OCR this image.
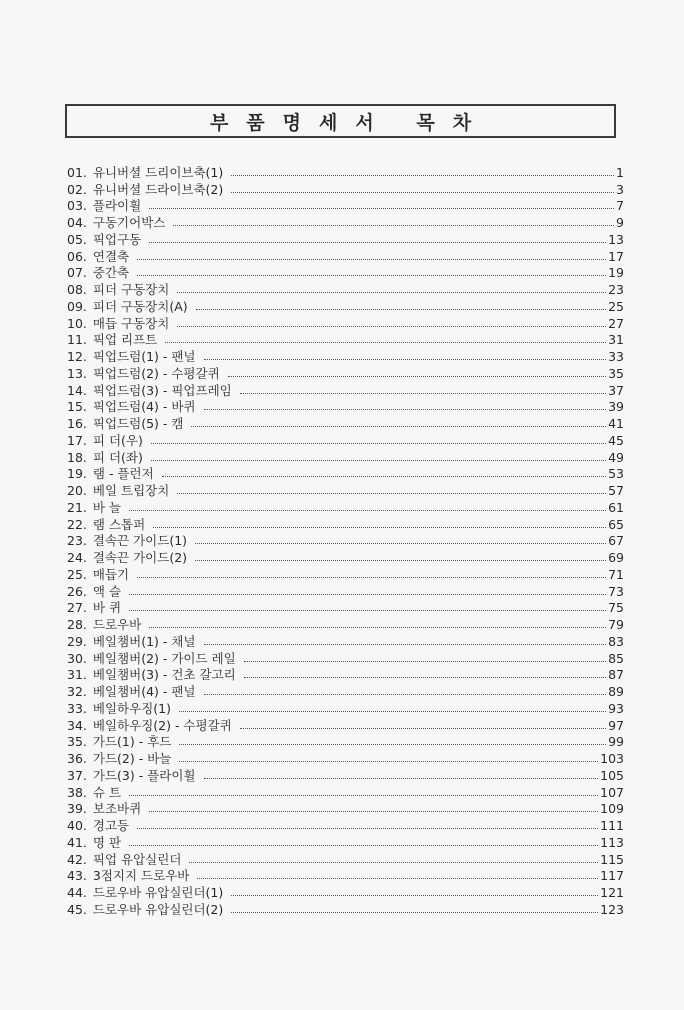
부품명세서 목차
01. 유니버셜 드리이브축(1)	1
02. 유니버셜 드라이브축(2)	3
03. 플라이휠	7
04. 구동기어박스	9
05. 픽업구동	13
06. 연결축	17
07. 중간축	19
08. 피더 구동장치	23
09. 피더 구동장치(A)	25
10. 매듭 구동장치	27
11. 픽업 리프트	31
12. 픽업드럼(1) - 팬널	33
13. 픽업드럼(2) - 수평갈퀴	35
14. 픽업드럼(3) - 픽업프레임	37
15. 픽업드럼(4) - 바퀴	39
16. 픽업드럼(5) - 캠	41
17. 피 더(우)	45
18. 피 더(좌)	49
19. 램 - 플런저	53
20. 베일 트립장치	57
21. 바 늘	61
22. 램 스톱퍼	65
23. 결속끈 가이드(1)	67
24. 결속끈 가이드(2)	69
25. 매듭기	71
26. 액 슬	73
27. 바 퀴	75
28. 드로우바	79
29. 베일챔버(1) - 채널	83
30. 베일챔버(2) - 가이드 레일	85
31. 베일챔버(3) - 건초 갈고리	87
32. 베일챔버(4) - 팬널	89
33. 베일하우징(1)	93
34. 베일하우징(2) - 수평갈퀴	97
35. 가드(1) - 후드	99
36. 가드(2) - 바늘	103
37. 가드(3) - 플라이휠	105
38. 슈 트	107
39. 보조바퀴	109
40. 경고등	111
41. 명 판	113
42. 픽업 유압실린더	115
43. 3점지지 드로우바	117
44. 드로우바 유압실린더(1)	121
45. 드로우바 유압실린더(2)	123
